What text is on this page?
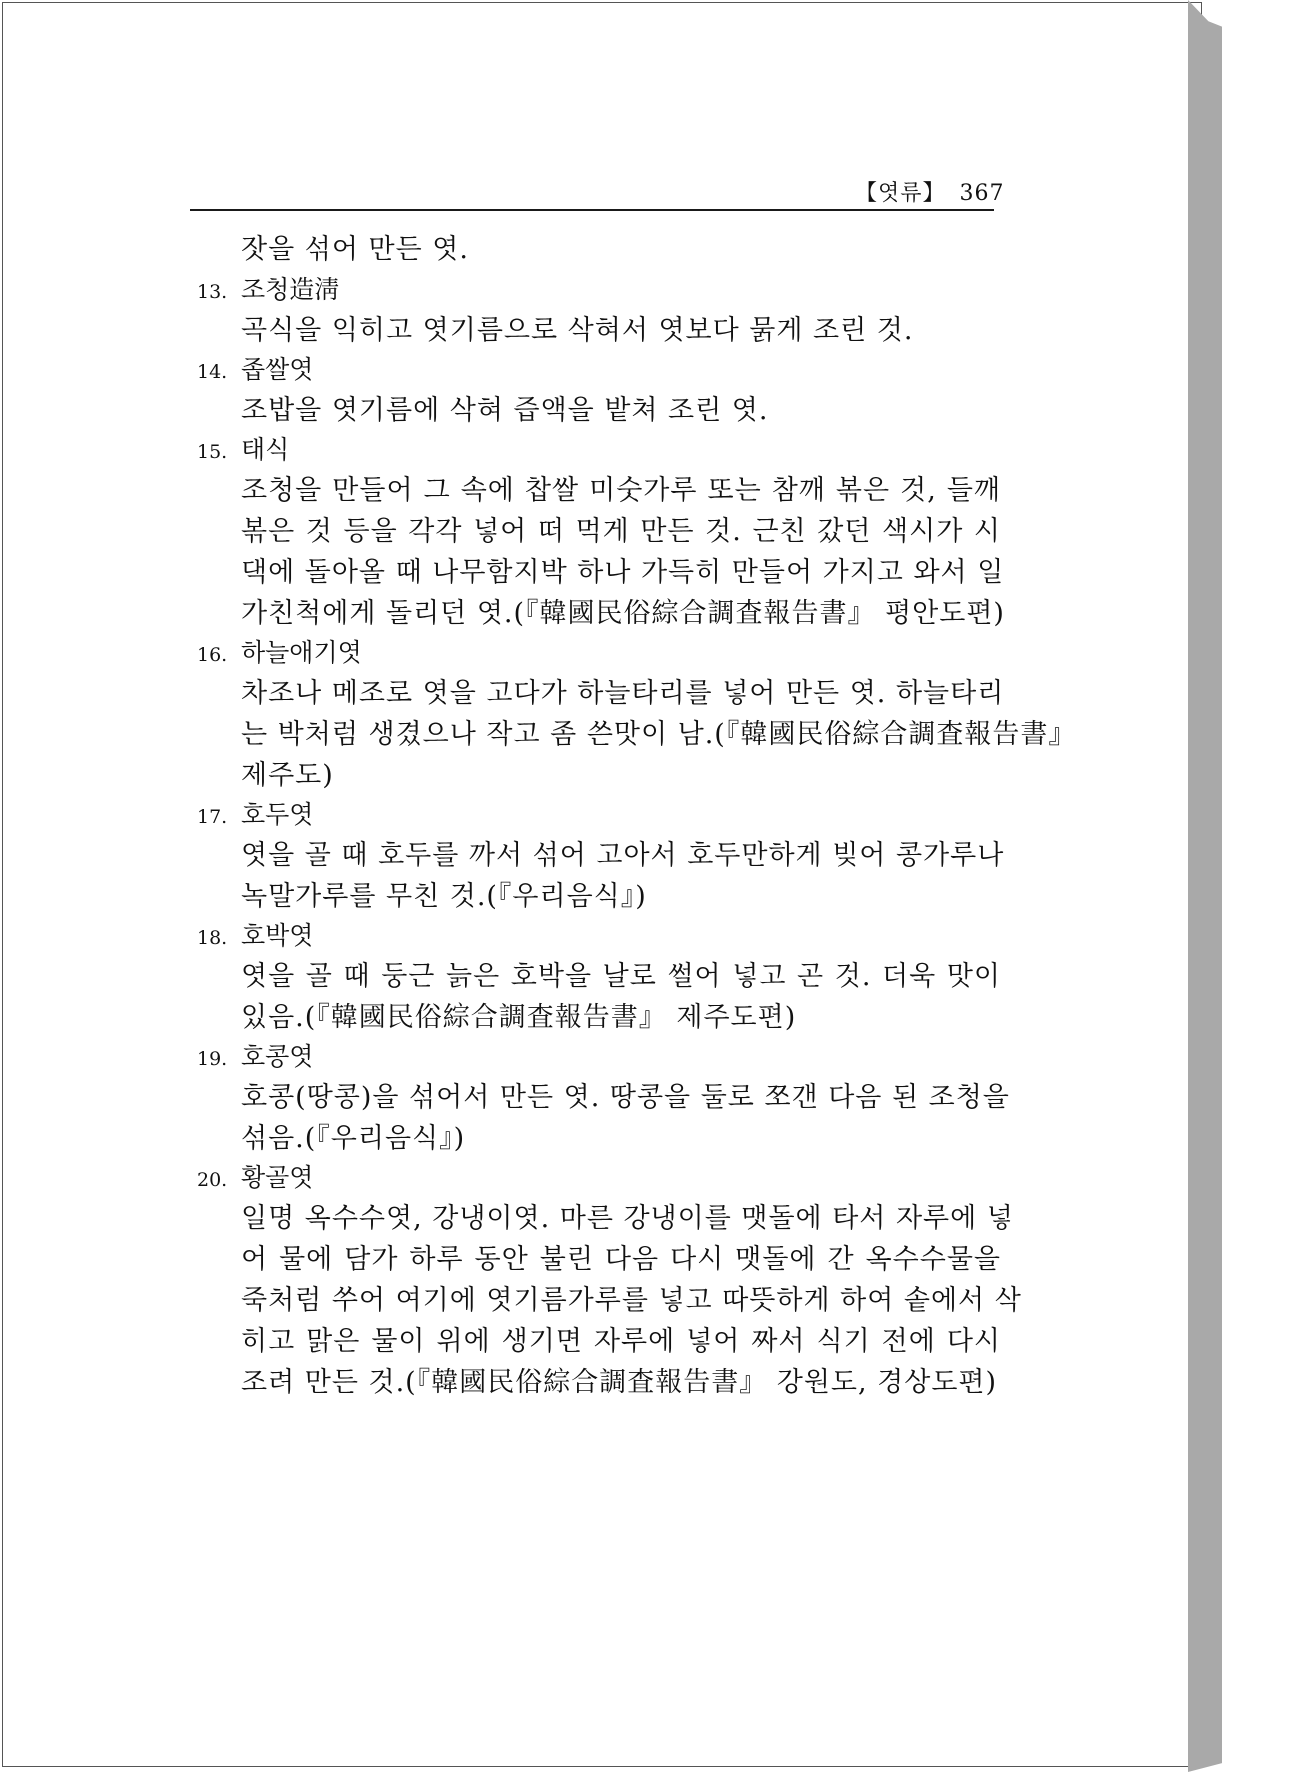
【엿류】 367
잣을 섞어 만든 엿.
13. 조청造淸
곡식을 익히고 엿기름으로 삭혀서 엿보다 묽게 조린 것.
14. 좁쌀엿
조밥을 엿기름에 삭혀 즙액을 밭쳐 조린 엿.
15. 태식
조청을 만들어 그 속에 찹쌀 미숫가루 또는 참깨 볶은 것, 들깨
볶은 것 등을 각각 넣어 떠 먹게 만든 것. 근친 갔던 색시가 시
댁에 돌아올 때 나무함지박 하나 가득히 만들어 가지고 와서 일
가친척에게 돌리던 엿.(『韓國民俗綜合調査報告書』 평안도편)
16. 하늘애기엿
차조나 메조로 엿을 고다가 하늘타리를 넣어 만든 엿. 하늘타리
는 박처럼 생겼으나 작고 좀 쓴맛이 남.(『韓國民俗綜合調査報告書』
제주도)
17. 호두엿
엿을 골 때 호두를 까서 섞어 고아서 호두만하게 빚어 콩가루나
녹말가루를 무친 것.(『우리음식』)
18. 호박엿
엿을 골 때 둥근 늙은 호박을 날로 썰어 넣고 곤 것. 더욱 맛이
있음.(『韓國民俗綜合調査報告書』 제주도편)
19. 호콩엿
호콩(땅콩)을 섞어서 만든 엿. 땅콩을 둘로 쪼갠 다음 된 조청을
섞음.(『우리음식』)
20. 황골엿
일명 옥수수엿, 강냉이엿. 마른 강냉이를 맷돌에 타서 자루에 넣
어 물에 담가 하루 동안 불린 다음 다시 맷돌에 간 옥수수물을
죽처럼 쑤어 여기에 엿기름가루를 넣고 따뜻하게 하여 솥에서 삭
히고 맑은 물이 위에 생기면 자루에 넣어 짜서 식기 전에 다시
조려 만든 것.(『韓國民俗綜合調査報告書』 강원도, 경상도편)
